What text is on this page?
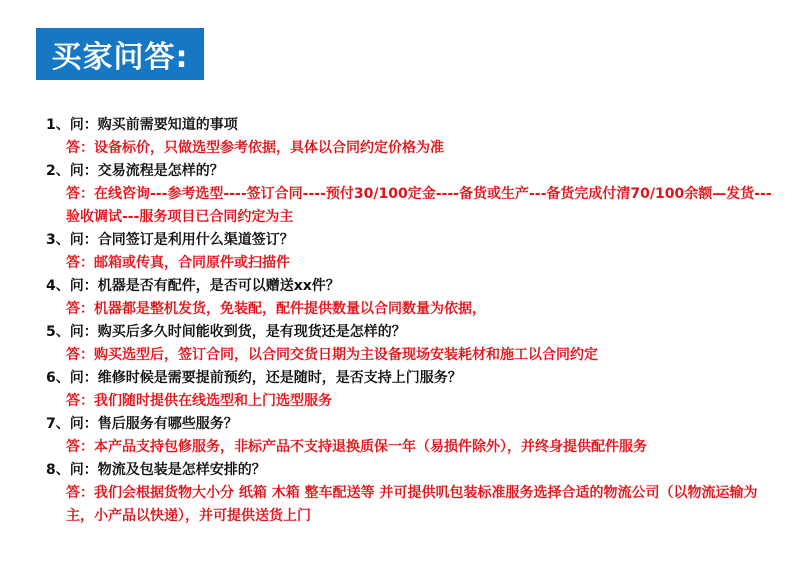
买家问答:
1、问：购买前需要知道的事项
答：设备标价，只做选型参考依据，具体以合同约定价格为准
2、问：交易流程是怎样的？
答：在线咨询---参考选型----签订合同----预付30/100定金----备货或生产---备货完成付清70/100余额—发货---验收调试---服务项目已合同约定为主
3、问：合同签订是利用什么渠道签订？
答：邮箱或传真，合同原件或扫描件
4、问：机器是否有配件，是否可以赠送xx件？
答：机器都是整机发货，免装配，配件提供数量以合同数量为依据，
5、问：购买后多久时间能收到货，是有现货还是怎样的？
答：购买选型后，签订合同，以合同交货日期为主设备现场安装耗材和施工以合同约定
6、问：维修时候是需要提前预约，还是随时，是否支持上门服务？
答：我们随时提供在线选型和上门选型服务
7、问：售后服务有哪些服务？
答：本产品支持包修服务，非标产品不支持退换质保一年（易损件除外），并终身提供配件服务
8、问：物流及包装是怎样安排的？
答：我们会根据货物大小分 纸箱 木箱 整车配送等 并可提供叽包装标准服务选择合适的物流公司（以物流运输为主，小产品以快递），并可提供送货上门
